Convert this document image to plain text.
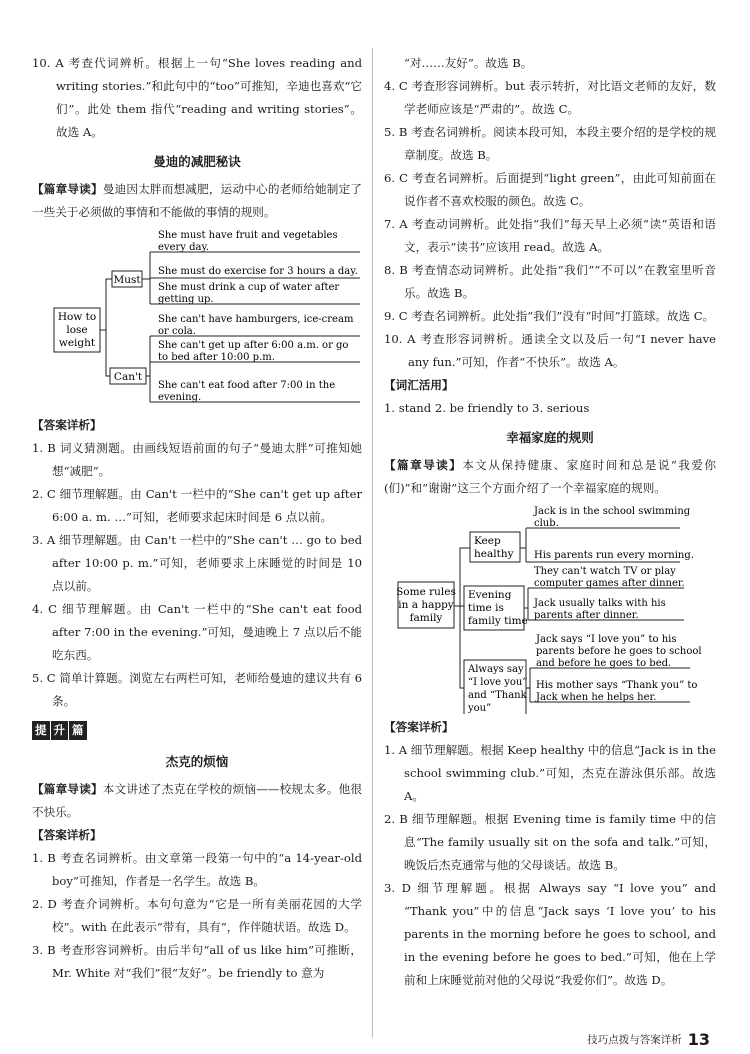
10. A 考查代词辨析。根据上一句“She loves reading and writing stories.”和此句中的“too”可推知，辛迪也喜欢“它们”。此处 them 指代“reading and writing stories”。故选 A。

曼迪的减肥秘诀

【篇章导读】曼迪因太胖而想减肥，运动中心的老师给她制定了一些关于必须做的事情和不能做的事情的规则。

How to
lose
weight
Must
Can't
She must have fruit and vegetables
every day.
She must do exercise for 3 hours a day.
She must drink a cup of water after
getting up.
She can't have hamburgers, ice-cream
or cola.
She can't get up after 6:00 a.m. or go
to bed after 10:00 p.m.
She can't eat food after 7:00 in the
evening.

【答案详析】

1. B 词义猜测题。由画线短语前面的句子“曼迪太胖”可推知她想“减肥”。

2. C 细节理解题。由 Can't 一栏中的“She can't get up after 6:00 a. m. …”可知，老师要求起床时间是 6 点以前。

3. A 细节理解题。由 Can't 一栏中的“She can't … go to bed after 10:00 p. m.”可知，老师要求上床睡觉的时间是 10 点以前。

4. C 细节理解题。由 Can't 一栏中的“She can't eat food after 7:00 in the evening.”可知，曼迪晚上 7 点以后不能吃东西。

5. C 简单计算题。浏览左右两栏可知，老师给曼迪的建议共有 6 条。

提 升 篇

杰克的烦恼

【篇章导读】本文讲述了杰克在学校的烦恼——校规太多。他很不快乐。

【答案详析】

1. B 考查名词辨析。由文章第一段第一句中的“a 14-year-old boy”可推知，作者是一名学生。故选 B。

2. D 考查介词辨析。本句句意为“它是一所有美丽花园的大学校”。with 在此表示“带有，具有”，作伴随状语。故选 D。

3. B 考查形容词辨析。由后半句“all of us like him”可推断，Mr. White 对“我们”很“友好”。be friendly to 意为

“对……友好”。故选 B。

4. C 考查形容词辨析。but 表示转折，对比语文老师的友好，数学老师应该是“严肃的”。故选 C。

5. B 考查名词辨析。阅读本段可知，本段主要介绍的是学校的规章制度。故选 B。

6. C 考查名词辨析。后面提到“light green”，由此可知前面在说作者不喜欢校服的颜色。故选 C。

7. A 考查动词辨析。此处指“我们”每天早上必须“读”英语和语文，表示“读书”应该用 read。故选 A。

8. B 考查情态动词辨析。此处指“我们”“不可以”在教室里听音乐。故选 B。

9. C 考查名词辨析。此处指“我们”没有“时间”打篮球。故选 C。

10. A 考查形容词辨析。通读全文以及后一句“I never have any fun.”可知，作者“不快乐”。故选 A。

【词汇活用】

1. stand 2. be friendly to 3. serious

幸福家庭的规则

【篇章导读】本文从保持健康、家庭时间和总是说“我爱你(们)”和“谢谢”这三个方面介绍了一个幸福家庭的规则。

Some rules
in a happy
family
Keep
healthy
Evening
time is
family time
Always say
“I love you”
and “Thank
you”
Jack is in the school swimming
club.
His parents run every morning.
They can't watch TV or play
computer games after dinner.
Jack usually talks with his
parents after dinner.
Jack says “I love you” to his
parents before he goes to school
and before he goes to bed.
His mother says “Thank you” to
Jack when he helps her.

【答案详析】

1. A 细节理解题。根据 Keep healthy 中的信息“Jack is in the school swimming club.”可知，杰克在游泳俱乐部。故选 A。

2. B 细节理解题。根据 Evening time is family time 中的信息“The family usually sit on the sofa and talk.”可知，晚饭后杰克通常与他的父母谈话。故选 B。

3. D 细节理解题。根据 Always say “I love you” and “Thank you”中的信息“Jack says ‘I love you’ to his parents in the morning before he goes to school, and in the evening before he goes to bed.”可知，他在上学前和上床睡觉前对他的父母说“我爱你们”。故选 D。

技巧点拨与答案详析 13
